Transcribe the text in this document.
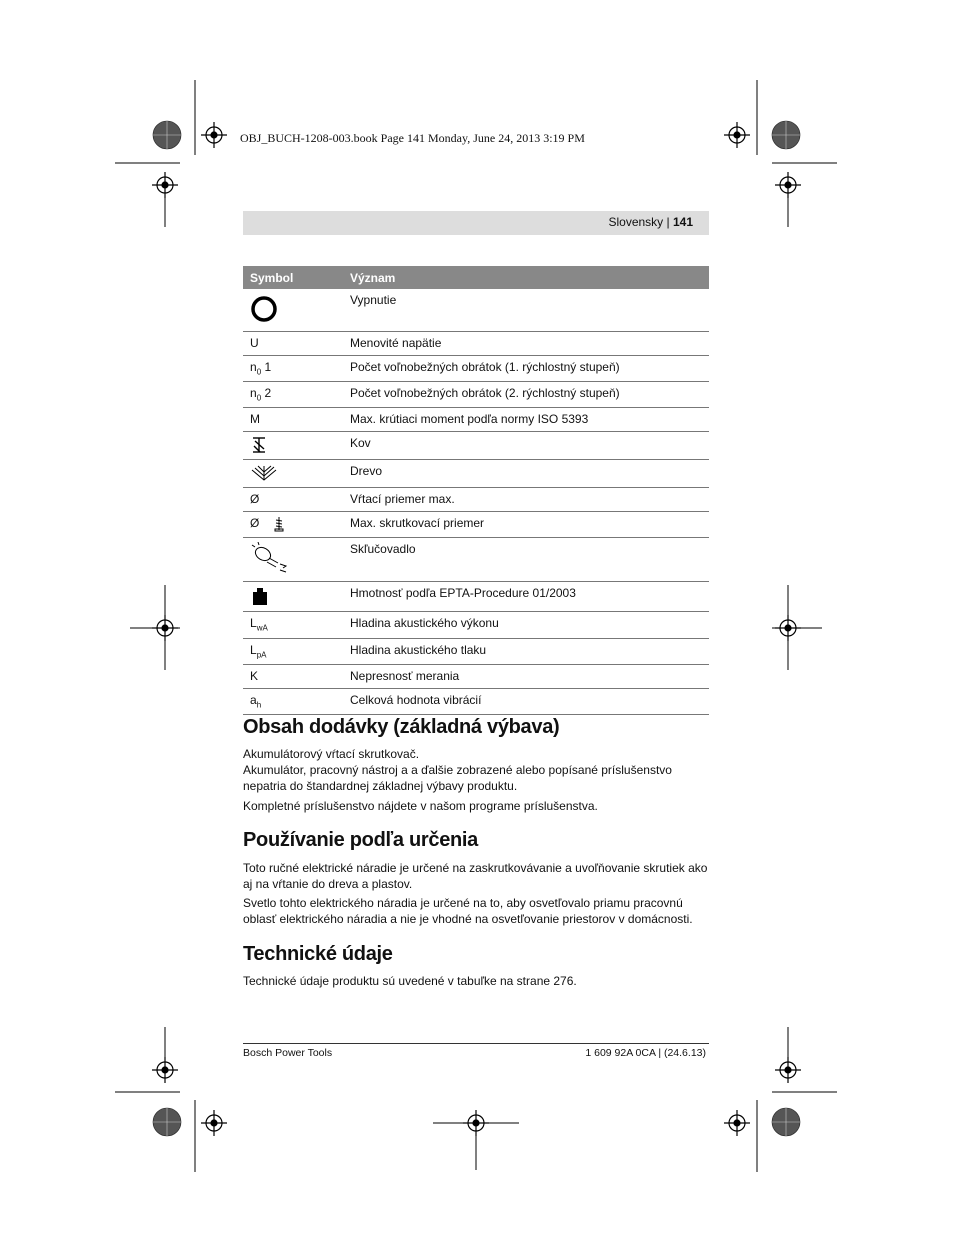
OBJ_BUCH-1208-003.book Page 141 Monday, June 24, 2013 3:19 PM
Slovensky | 141
Symbol	Význam

	Vypnutie
U	Menovité napätie
$n_0$ 1	Počet voľnobežných obrátok (1. rýchlostný stupeň)
$n_0$ 2	Počet voľnobežných obrátok (2. rýchlostný stupeň)
M	Max. krútiaci moment podľa normy ISO 5393

	Kov

	Drevo
Ø	Vŕtací priemer max.
Ø	Max. skrutkovací priemer

	Skľučovadlo

	Hmotnosť podľa EPTA-Procedure 01/2003
$L_{wA}$	Hladina akustického výkonu
$L_{pA}$	Hladina akustického tlaku
K	Nepresnosť merania
$a_h$	Celková hodnota vibrácií
Obsah dodávky (základná výbava)

Akumulátorový vŕtací skrutkovač.

Akumulátor, pracovný nástroj a a ďalšie zobrazené alebo popísané príslušenstvo nepatria do štandardnej základnej výbavy produktu.

Kompletné príslušenstvo nájdete v našom programe príslušenstva.

Používanie podľa určenia

Toto ručné elektrické náradie je určené na zaskrutkovávanie a uvoľňovanie skrutiek ako aj na vŕtanie do dreva a plastov.

Svetlo tohto elektrického náradia je určené na to, aby osvetľovalo priamu pracovnú oblasť elektrického náradia a nie je vhodné na osvetľovanie priestorov v domácnosti.

Technické údaje

Technické údaje produktu sú uvedené v tabuľke na strane 276.

Bosch Power Tools	1 609 92A 0CA | (24.6.13)
